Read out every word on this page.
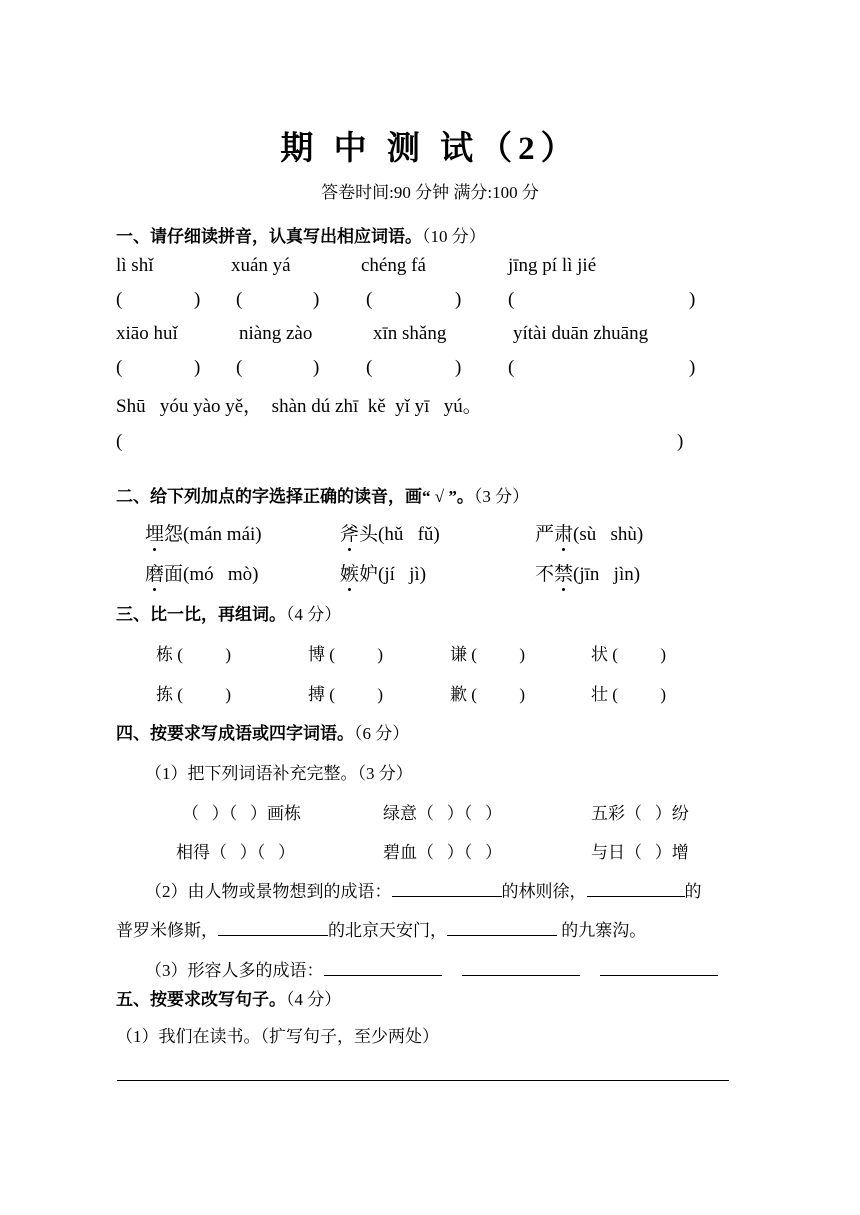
期 中 测 试（2）
答卷时间:90 分钟 满分:100 分
一、请仔细读拼音，认真写出相应词语。（10 分）
lì shǐ	xuán yá	chéng fá	jīng pí lì jié
(	) (	) (	) (	)
xiāo huǐ	niàng zào	xīn shǎng	yítài duān zhuāng
(	) (	) (	) (	)
Shū   yóu yào yě，  shàn dú zhī  kě  yǐ yī   yú。
(	)
二、给下列加点的字选择正确的读音，画“ √ ”。（3 分）
埋怨(mán mái)	斧头(hǔ   fǔ)	严肃(sù   shù)
磨面(mó   mò)	嫉妒(jí   jì)	不禁(jīn   jìn)
三、比一比，再组词。（4 分）
栋 (          )	博 (          )	谦 (          )	状 (          )
拣 (          )	搏 (          )	歉 (          )	壮 (          )
四、按要求写成语或四字词语。（6 分）
（1）把下列词语补充完整。（3 分）
（   ）（   ）画栋	绿意（   ）（   ）	五彩（   ）纷
相得（   ）（   ）	碧血（   ）（   ）	与日（   ）增
（2）由人物或景物想到的成语：	的林则徐，	的
普罗米修斯，	的北京天安门，	的九寨沟。
（3）形容人多的成语：
五、按要求改写句子。（4 分）
（1）我们在读书。（扩写句子，至少两处）
